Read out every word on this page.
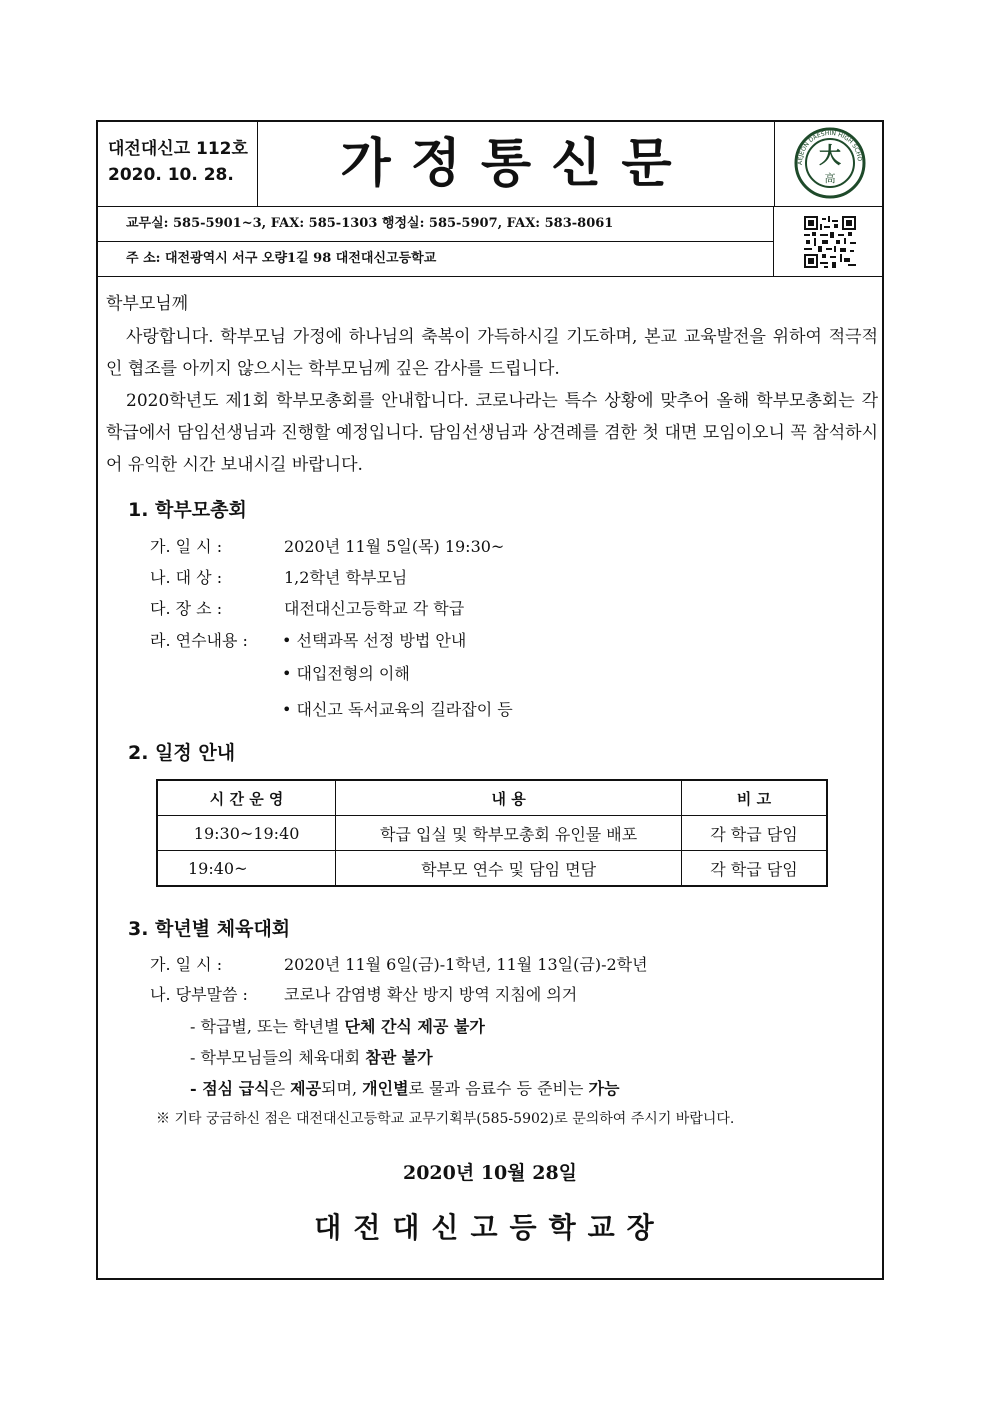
대전대신고 112호
2020. 10. 28.	가정통신문	大
高
AEJEON DAESHIN HIGH SCHO
교무실: 585-5901~3, FAX: 585-1303 행정실: 585-5907, FAX: 583-8061
주 소: 대전광역시 서구 오량1길 98 대전대신고등학교
학부모님께
사랑합니다. 학부모님 가정에 하나님의 축복이 가득하시길 기도하며, 본교 교육발전을 위하여 적극적인 협조를 아끼지 않으시는 학부모님께 깊은 감사를 드립니다.
2020학년도 제1회 학부모총회를 안내합니다. 코로나라는 특수 상황에 맞추어 올해 학부모총회는 각 학급에서 담임선생님과 진행할 예정입니다. 담임선생님과 상견례를 겸한 첫 대면 모임이오니 꼭 참석하시어 유익한 시간 보내시길 바랍니다.
1. 학부모총회
가. 일 시 :	2020년 11월 5일(목) 19:30~
나. 대 상 :	1,2학년 학부모님
다. 장 소 :	대전대신고등학교 각 학급
라. 연수내용 : • 선택과목 선정 방법 안내
• 대입전형의 이해
• 대신고 독서교육의 길라잡이 등
2. 일정 안내
시 간 운 영	내 용	비 고
19:30~19:40	학급 입실 및 학부모총회 유인물 배포	각 학급 담임
19:40~	학부모 연수 및 담임 면담	각 학급 담임
3. 학년별 체육대회
가. 일 시 :	2020년 11월 6일(금)-1학년, 11월 13일(금)-2학년
나. 당부말씀 : 코로나 감염병 확산 방지 방역 지침에 의거
- 학급별, 또는 학년별 단체 간식 제공 불가
- 학부모님들의 체육대회 참관 불가
- 점심 급식은 제공되며, 개인별로 물과 음료수 등 준비는 가능
※ 기타 궁금하신 점은 대전대신고등학교 교무기획부(585-5902)로 문의하여 주시기 바랍니다.
2020년 10월 28일
대전대신고등학교장
